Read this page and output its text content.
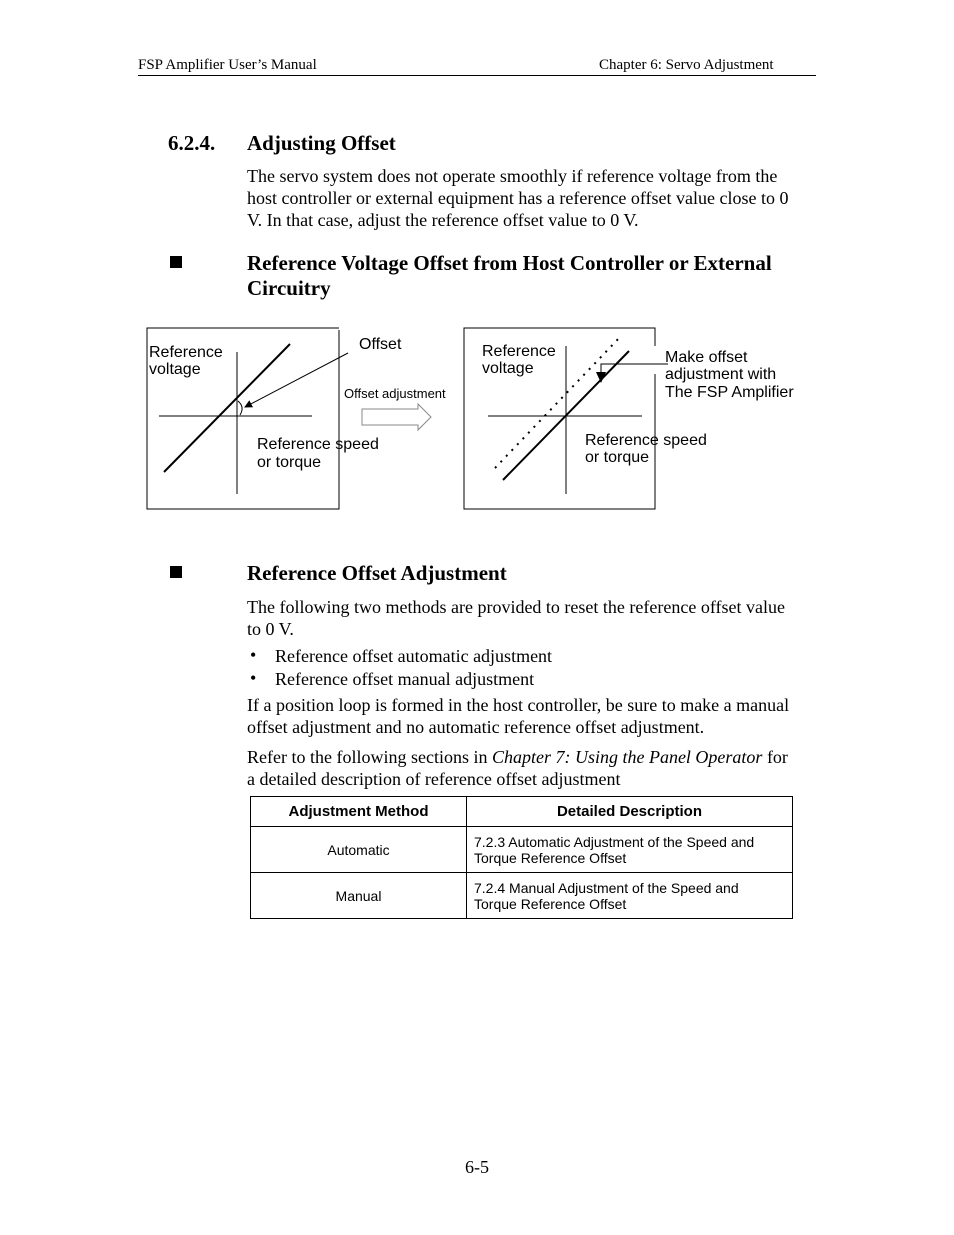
FSP Amplifier User’s Manual	Chapter 6: Servo Adjustment
6.2.4. Adjusting Offset
The servo system does not operate smoothly if reference voltage from the
host controller or external equipment has a reference offset value close to 0
V. In that case, adjust the reference offset value to 0 V.
Reference Voltage Offset from Host Controller or External
Circuitry
Reference
voltage
Offset
Reference speed
or torque
Offset adjustment
Reference
voltage
Reference speed
or torque
Make offset
adjustment with
The FSP Amplifier
Reference Offset Adjustment
The following two methods are provided to reset the reference offset value
to 0 V.
• Reference offset automatic adjustment
• Reference offset manual adjustment
If a position loop is formed in the host controller, be sure to make a manual
offset adjustment and no automatic reference offset adjustment.
Refer to the following sections in Chapter 7: Using the Panel Operator for
a detailed description of reference offset adjustment
Adjustment Method	Detailed Description
Automatic	7.2.3 Automatic Adjustment of the Speed and
Torque Reference Offset

Manual	7.2.4 Manual Adjustment of the Speed and
Torque Reference Offset
6-5
